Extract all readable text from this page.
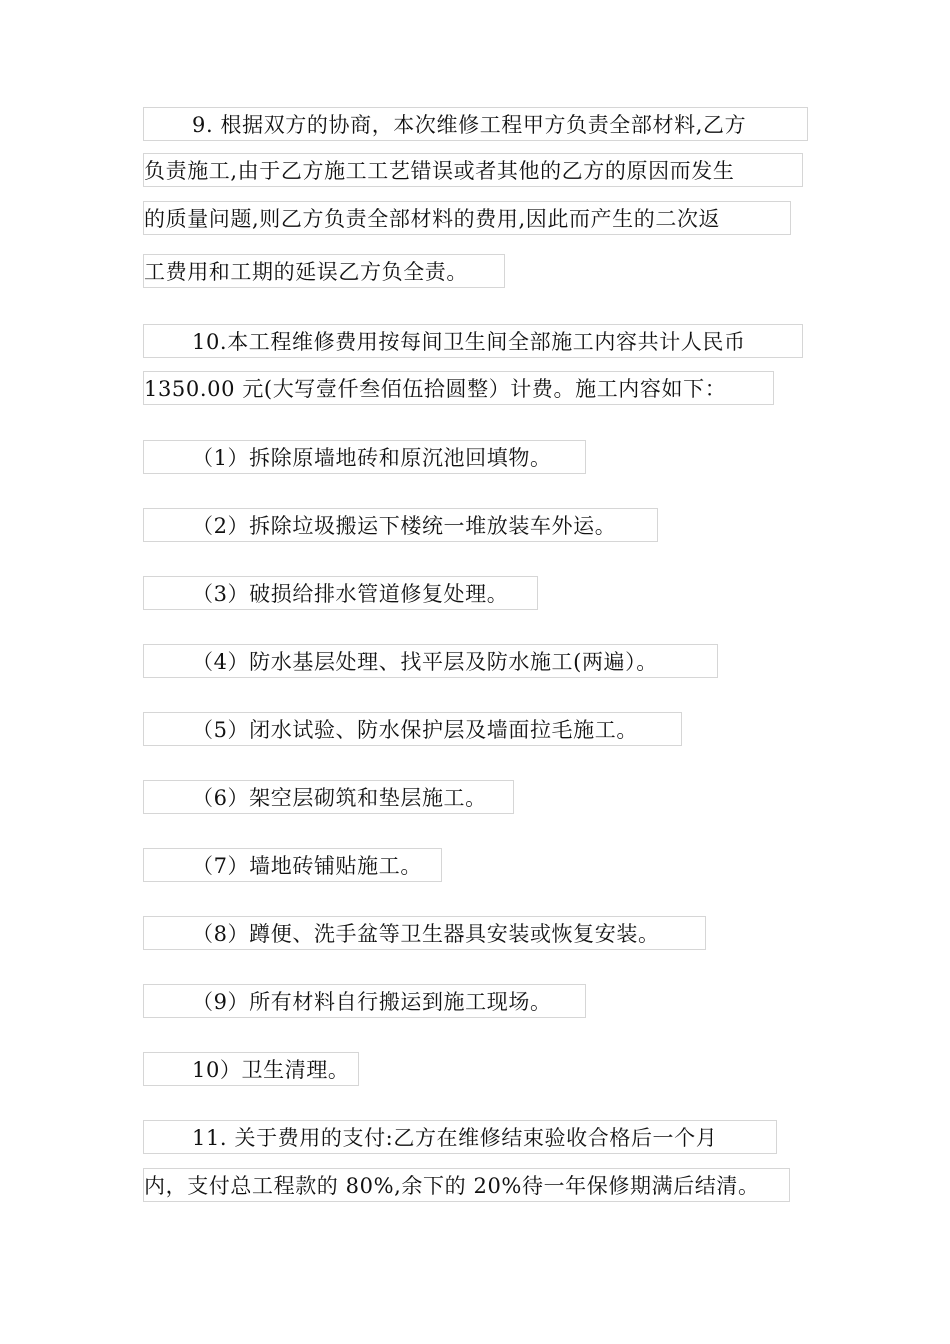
9. 根据双方的协商，本次维修工程甲方负责全部材料,乙方
负责施工,由于乙方施工工艺错误或者其他的乙方的原因而发生
的质量问题,则乙方负责全部材料的费用,因此而产生的二次返
工费用和工期的延误乙方负全责。
10.本工程维修费用按每间卫生间全部施工内容共计人民币
1350.00 元(大写壹仟叁佰伍拾圆整）计费。施工内容如下：
（1）拆除原墙地砖和原沉池回填物。
（2）拆除垃圾搬运下楼统一堆放装车外运。
（3）破损给排水管道修复处理。
（4）防水基层处理、找平层及防水施工(两遍）。
（5）闭水试验、防水保护层及墙面拉毛施工。
（6）架空层砌筑和垫层施工。
（7）墙地砖铺贴施工。
（8）蹲便、洗手盆等卫生器具安装或恢复安装。
（9）所有材料自行搬运到施工现场。
10）卫生清理。
11. 关于费用的支付:乙方在维修结束验收合格后一个月
内，支付总工程款的 80%,余下的 20%待一年保修期满后结清。
